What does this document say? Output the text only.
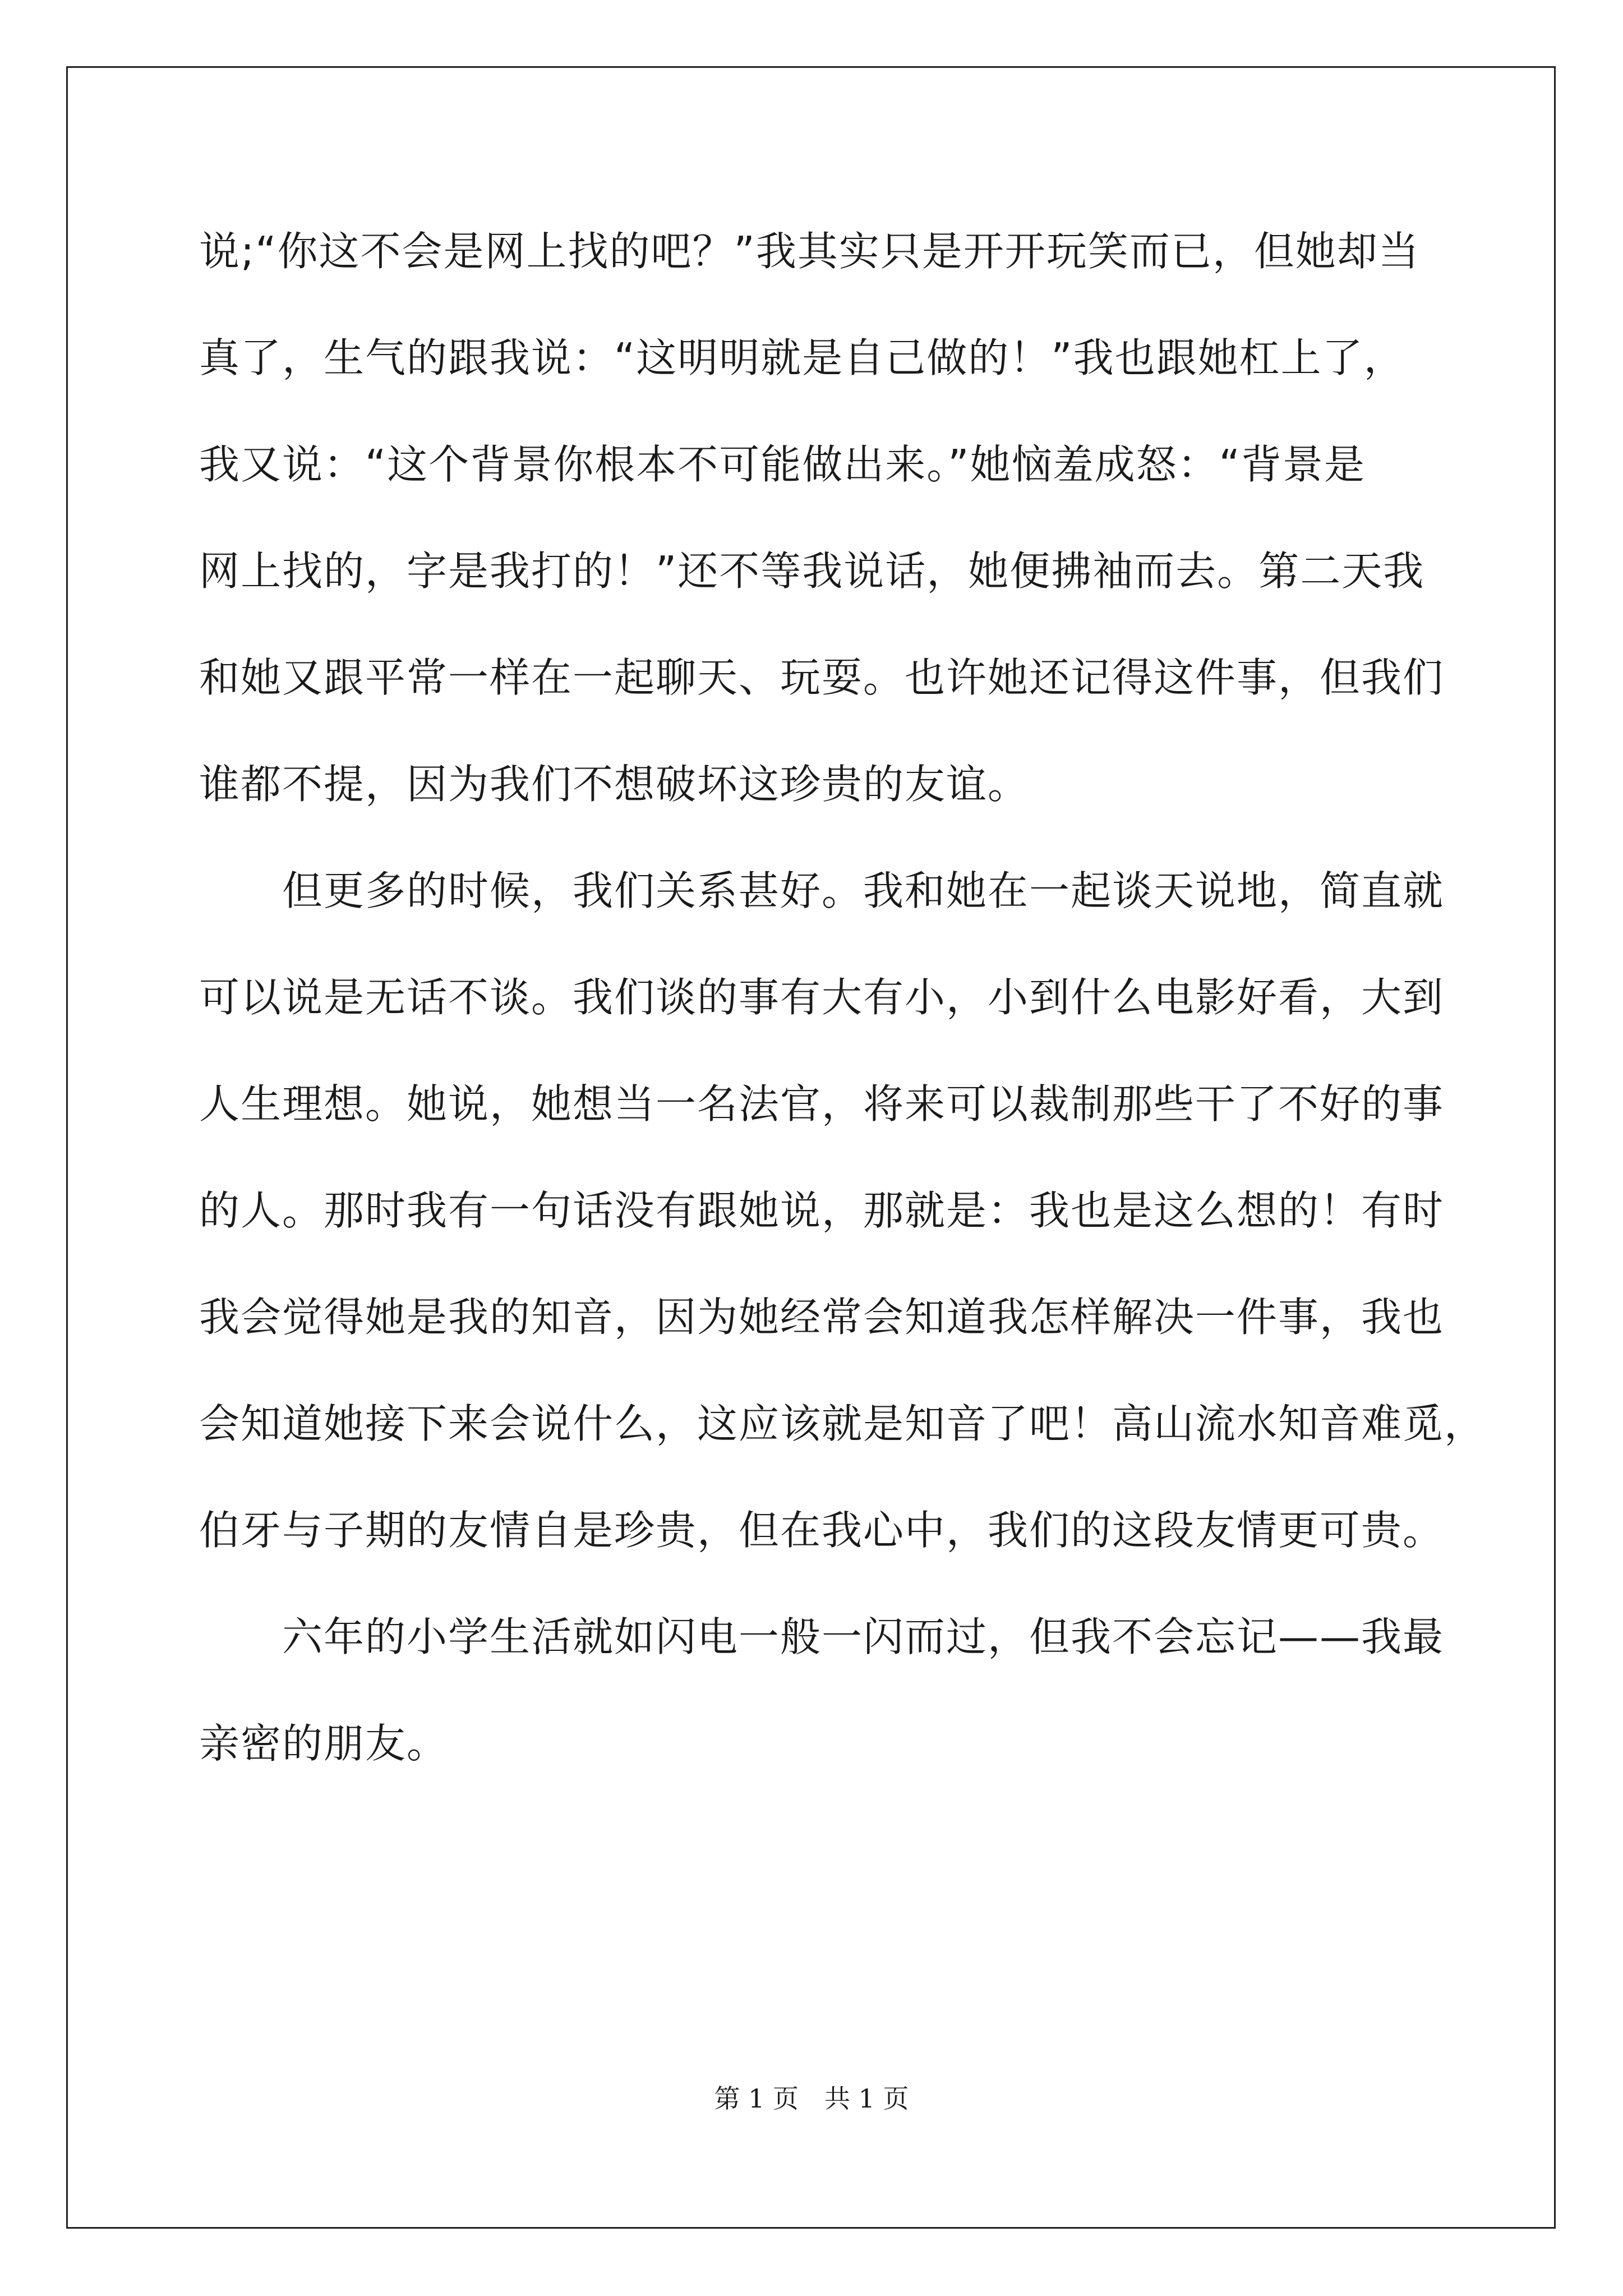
说;“你这不会是网上找的吧？”我其实只是开开玩笑而已，但她却当
真了，生气的跟我说：“这明明就是自己做的！”我也跟她杠上了，
我又说：“这个背景你根本不可能做出来。”她恼羞成怒：“背景是
网上找的，字是我打的！”还不等我说话，她便拂袖而去。第二天我
和她又跟平常一样在一起聊天、玩耍。也许她还记得这件事，但我们
谁都不提，因为我们不想破坏这珍贵的友谊。
　　但更多的时候，我们关系甚好。我和她在一起谈天说地，简直就
可以说是无话不谈。我们谈的事有大有小，小到什么电影好看，大到
人生理想。她说，她想当一名法官，将来可以裁制那些干了不好的事
的人。那时我有一句话没有跟她说，那就是：我也是这么想的！有时
我会觉得她是我的知音，因为她经常会知道我怎样解决一件事，我也
会知道她接下来会说什么，这应该就是知音了吧！高山流水知音难觅，
伯牙与子期的友情自是珍贵，但在我心中，我们的这段友情更可贵。
　　六年的小学生活就如闪电一般一闪而过，但我不会忘记——我最
亲密的朋友。
第 1 页　共 1 页
